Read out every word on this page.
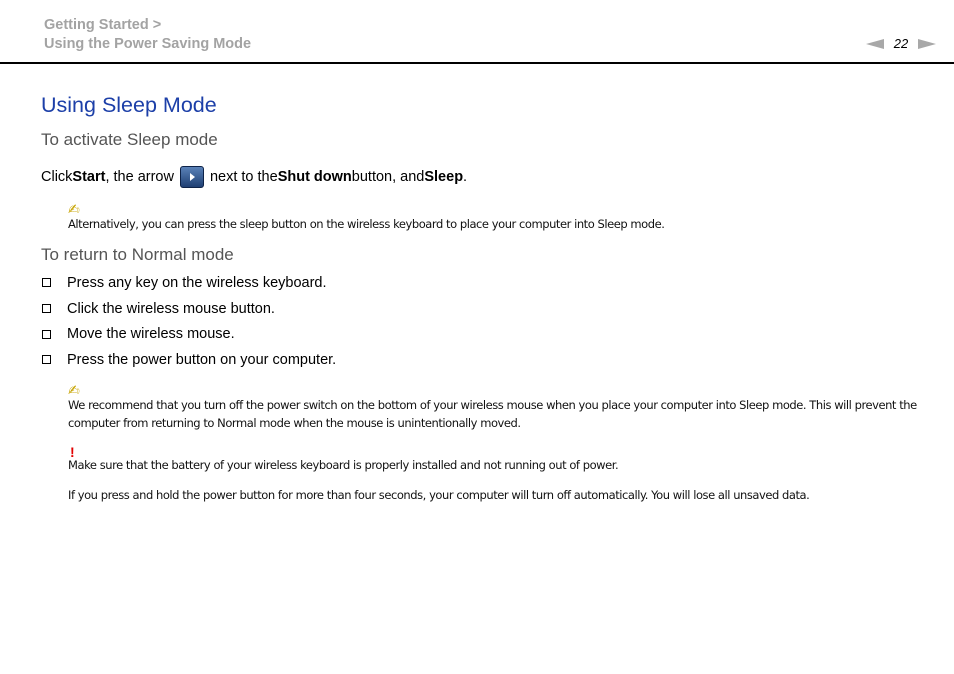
Getting Started >
Using the Power Saving Mode	22
Using Sleep Mode
To activate Sleep mode
Click Start , the arrow next to the Shut down button, and Sleep .
✍
Alternatively, you can press the sleep button on the wireless keyboard to place your computer into Sleep mode.
To return to Normal mode
Press any key on the wireless keyboard.
Click the wireless mouse button.
Move the wireless mouse.
Press the power button on your computer.
✍
We recommend that you turn off the power switch on the bottom of your wireless mouse when you place your computer into Sleep mode. This will prevent the computer from returning to Normal mode when the mouse is unintentionally moved.
!
Make sure that the battery of your wireless keyboard is properly installed and not running out of power.
If you press and hold the power button for more than four seconds, your computer will turn off automatically. You will lose all unsaved data.
